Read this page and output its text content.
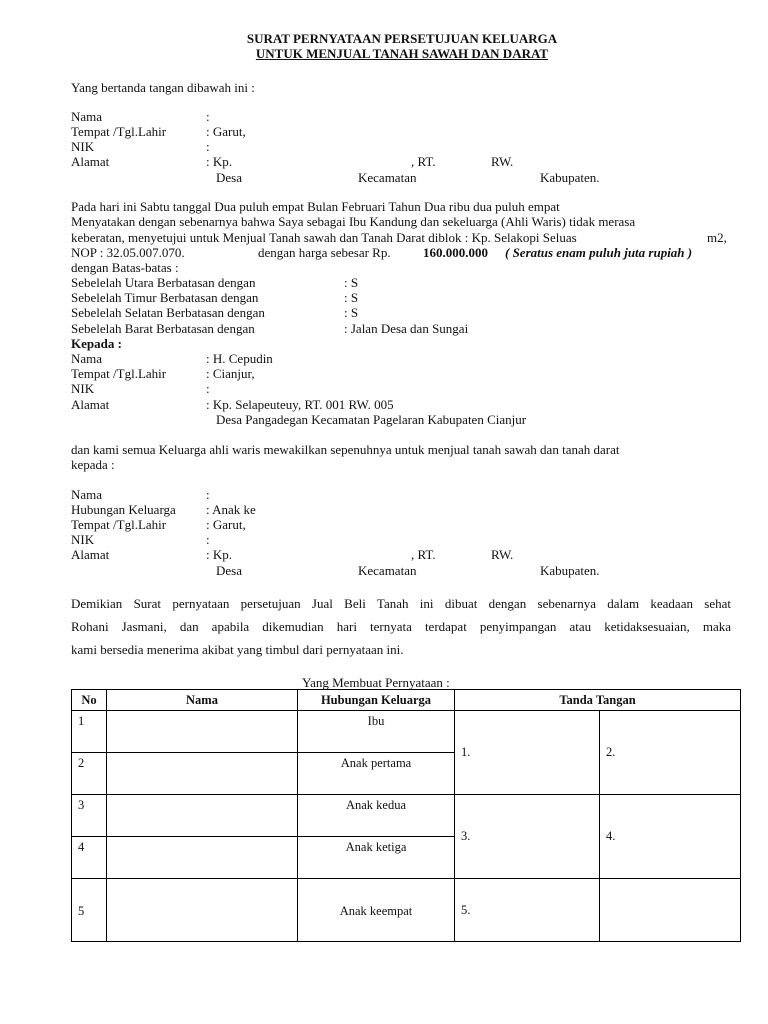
SURAT PERNYATAAN PERSETUJUAN KELUARGA
UNTUK MENJUAL TANAH SAWAH DAN DARAT
Yang bertanda tangan dibawah ini :
Nama	:
Tempat /Tgl.Lahir	: Garut,
NIK	:
Alamat	: Kp.	, RT.	RW.
Desa	Kecamatan	Kabupaten.
Pada hari ini Sabtu tanggal Dua puluh empat Bulan Februari Tahun Dua ribu dua puluh empat
Menyatakan dengan sebenarnya bahwa Saya sebagai Ibu Kandung dan sekeluarga (Ahli Waris) tidak merasa
keberatan, menyetujui untuk Menjual Tanah sawah dan Tanah Darat diblok : Kp. Selakopi Seluas	m2,
NOP : 32.05.007.070.	dengan harga sebesar Rp. 160.000.000 ( Seratus enam puluh juta rupiah )
dengan Batas-batas :
Sebelelah Utara Berbatasan dengan	: S
Sebelelah Timur Berbatasan dengan	: S
Sebelelah Selatan Berbatasan dengan	: S
Sebelelah Barat Berbatasan dengan	: Jalan Desa dan Sungai
Kepada :
Nama	: H. Cepudin
Tempat /Tgl.Lahir	: Cianjur,
NIK	:
Alamat	: Kp. Selapeuteuy, RT. 001 RW. 005
Desa Pangadegan Kecamatan Pagelaran Kabupaten Cianjur
dan kami semua Keluarga ahli waris mewakilkan sepenuhnya untuk menjual tanah sawah dan tanah darat
kepada :
Nama	:
Hubungan Keluarga : Anak ke
Tempat /Tgl.Lahir	: Garut,
NIK	:
Alamat	: Kp.	, RT.	RW.
Desa	Kecamatan	Kabupaten.
Demikian Surat pernyataan persetujuan Jual Beli Tanah ini dibuat dengan sebenarnya dalam keadaan sehat
Rohani Jasmani, dan apabila dikemudian hari ternyata terdapat penyimpangan atau ketidaksesuaian, maka
kami bersedia menerima akibat yang timbul dari pernyataan ini.
Yang Membuat Pernyataan :
No	Nama	Hubungan Keluarga	Tanda Tangan	
1		Ibu	1.	2.
2		Anak pertama		
3		Anak kedua	3.	4.
4		Anak ketiga		
5		Anak keempat	5.	
